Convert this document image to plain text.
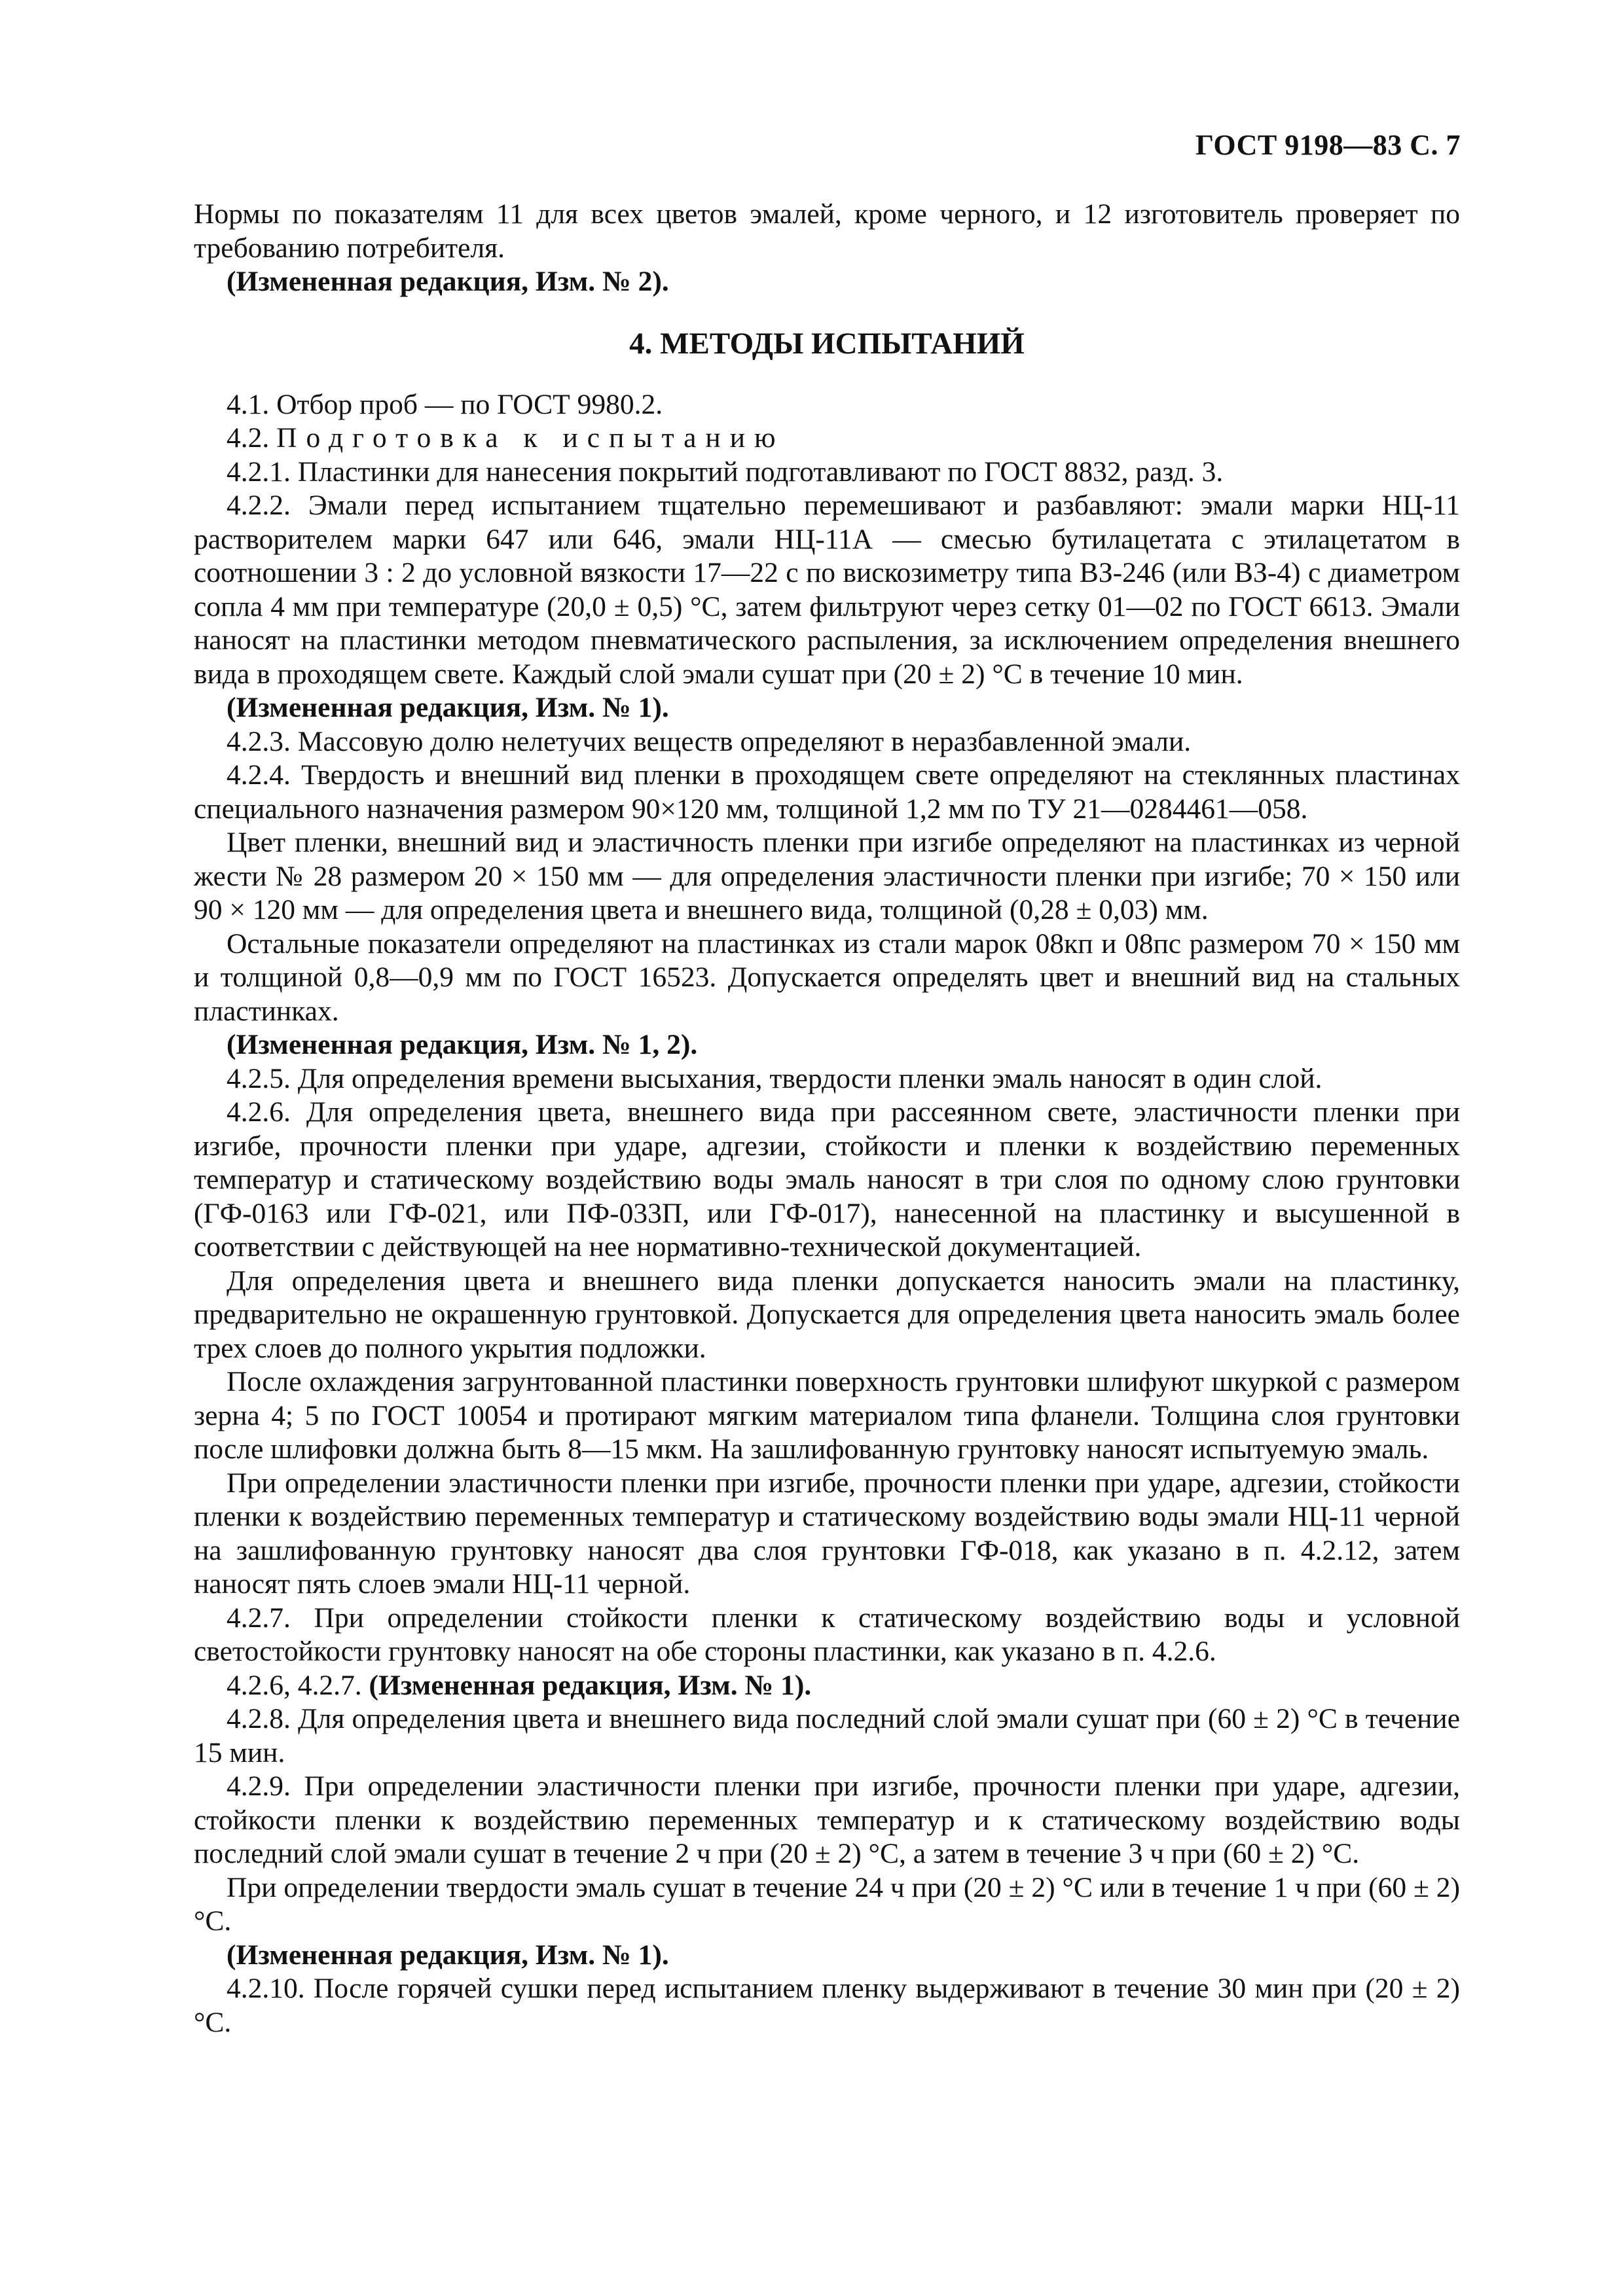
ГОСТ 9198—83 С. 7

Нормы по показателям 11 для всех цветов эмалей, кроме черного, и 12 изготовитель проверяет по требованию потребителя.

(Измененная редакция, Изм. № 2).

4. МЕТОДЫ ИСПЫТАНИЙ

4.1. Отбор проб — по ГОСТ 9980.2.

4.2. Подготовка к испытанию

4.2.1. Пластинки для нанесения покрытий подготавливают по ГОСТ 8832, разд. 3.

4.2.2. Эмали перед испытанием тщательно перемешивают и разбавляют: эмали марки НЦ-11 растворителем марки 647 или 646, эмали НЦ-11А — смесью бутилацетата с этилацетатом в соотношении 3 : 2 до условной вязкости 17—22 с по вискозиметру типа ВЗ-246 (или ВЗ-4) с диаметром сопла 4 мм при температуре (20,0 ± 0,5) °С, затем фильтруют через сетку 01—02 по ГОСТ 6613. Эмали наносят на пластинки методом пневматического распыления, за исключением определения внешнего вида в проходящем свете. Каждый слой эмали сушат при (20 ± 2) °С в течение 10 мин.

(Измененная редакция, Изм. № 1).

4.2.3. Массовую долю нелетучих веществ определяют в неразбавленной эмали.

4.2.4. Твердость и внешний вид пленки в проходящем свете определяют на стеклянных пластинах специального назначения размером 90×120 мм, толщиной 1,2 мм по ТУ 21—0284461—058.

Цвет пленки, внешний вид и эластичность пленки при изгибе определяют на пластинках из черной жести № 28 размером 20 × 150 мм — для определения эластичности пленки при изгибе; 70 × 150 или 90 × 120 мм — для определения цвета и внешнего вида, толщиной (0,28 ± 0,03) мм.

Остальные показатели определяют на пластинках из стали марок 08кп и 08пс размером 70 × 150 мм и толщиной 0,8—0,9 мм по ГОСТ 16523. Допускается определять цвет и внешний вид на стальных пластинках.

(Измененная редакция, Изм. № 1, 2).

4.2.5. Для определения времени высыхания, твердости пленки эмаль наносят в один слой.

4.2.6. Для определения цвета, внешнего вида при рассеянном свете, эластичности пленки при изгибе, прочности пленки при ударе, адгезии, стойкости и пленки к воздействию переменных температур и статическому воздействию воды эмаль наносят в три слоя по одному слою грунтовки (ГФ-0163 или ГФ-021, или ПФ-033П, или ГФ-017), нанесенной на пластинку и высушенной в соответствии с действующей на нее нормативно-технической документацией.

Для определения цвета и внешнего вида пленки допускается наносить эмали на пластинку, предварительно не окрашенную грунтовкой. Допускается для определения цвета наносить эмаль более трех слоев до полного укрытия подложки.

После охлаждения загрунтованной пластинки поверхность грунтовки шлифуют шкуркой с размером зерна 4; 5 по ГОСТ 10054 и протирают мягким материалом типа фланели. Толщина слоя грунтовки после шлифовки должна быть 8—15 мкм. На зашлифованную грунтовку наносят испытуемую эмаль.

При определении эластичности пленки при изгибе, прочности пленки при ударе, адгезии, стойкости пленки к воздействию переменных температур и статическому воздействию воды эмали НЦ-11 черной на зашлифованную грунтовку наносят два слоя грунтовки ГФ-018, как указано в п. 4.2.12, затем наносят пять слоев эмали НЦ-11 черной.

4.2.7. При определении стойкости пленки к статическому воздействию воды и условной светостойкости грунтовку наносят на обе стороны пластинки, как указано в п. 4.2.6.

4.2.6, 4.2.7. (Измененная редакция, Изм. № 1).

4.2.8. Для определения цвета и внешнего вида последний слой эмали сушат при (60 ± 2) °С в течение 15 мин.

4.2.9. При определении эластичности пленки при изгибе, прочности пленки при ударе, адгезии, стойкости пленки к воздействию переменных температур и к статическому воздействию воды последний слой эмали сушат в течение 2 ч при (20 ± 2) °С, а затем в течение 3 ч при (60 ± 2) °С.

При определении твердости эмаль сушат в течение 24 ч при (20 ± 2) °С или в течение 1 ч при (60 ± 2) °С.

(Измененная редакция, Изм. № 1).

4.2.10. После горячей сушки перед испытанием пленку выдерживают в течение 30 мин при (20 ± 2) °С.
